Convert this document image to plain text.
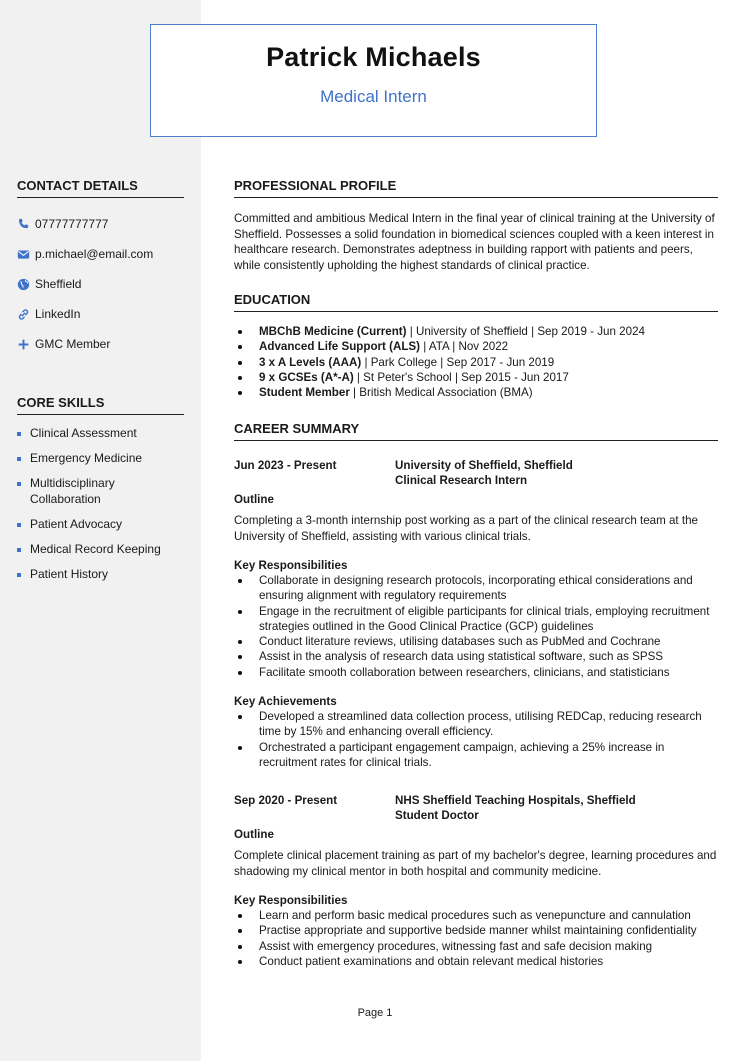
Patrick Michaels
Medical Intern
CONTACT DETAILS
07777777777
p.michael@email.com
Sheffield
LinkedIn
GMC Member
CORE SKILLS
Clinical Assessment
Emergency Medicine
Multidisciplinary Collaboration
Patient Advocacy
Medical Record Keeping
Patient History
PROFESSIONAL PROFILE

Committed and ambitious Medical Intern in the final year of clinical training at the University of Sheffield. Possesses a solid foundation in biomedical sciences coupled with a keen interest in healthcare research. Demonstrates adeptness in building rapport with patients and peers, while consistently upholding the highest standards of clinical practice.

EDUCATION
MBChB Medicine (Current) | University of Sheffield | Sep 2019 - Jun 2024
Advanced Life Support (ALS) | ATA | Nov 2022
3 x A Levels (AAA) | Park College | Sep 2017 - Jun 2019
9 x GCSEs (A*-A) | St Peter's School | Sep 2015 - Jun 2017
Student Member | British Medical Association (BMA)
CAREER SUMMARY
Jun 2023 - Present	University of Sheffield, Sheffield
Clinical Research Intern
Outline

Completing a 3-month internship post working as a part of the clinical research team at the University of Sheffield, assisting with various clinical trials.

Key Responsibilities
Collaborate in designing research protocols, incorporating ethical considerations and ensuring alignment with regulatory requirements
Engage in the recruitment of eligible participants for clinical trials, employing recruitment strategies outlined in the Good Clinical Practice (GCP) guidelines
Conduct literature reviews, utilising databases such as PubMed and Cochrane
Assist in the analysis of research data using statistical software, such as SPSS
Facilitate smooth collaboration between researchers, clinicians, and statisticians
Key Achievements
Developed a streamlined data collection process, utilising REDCap, reducing research time by 15% and enhancing overall efficiency.
Orchestrated a participant engagement campaign, achieving a 25% increase in recruitment rates for clinical trials.
Sep 2020 - Present	NHS Sheffield Teaching Hospitals, Sheffield
Student Doctor
Outline

Complete clinical placement training as part of my bachelor's degree, learning procedures and shadowing my clinical mentor in both hospital and community medicine.

Key Responsibilities
Learn and perform basic medical procedures such as venepuncture and cannulation
Practise appropriate and supportive bedside manner whilst maintaining confidentiality
Assist with emergency procedures, witnessing fast and safe decision making
Conduct patient examinations and obtain relevant medical histories
Page 1
